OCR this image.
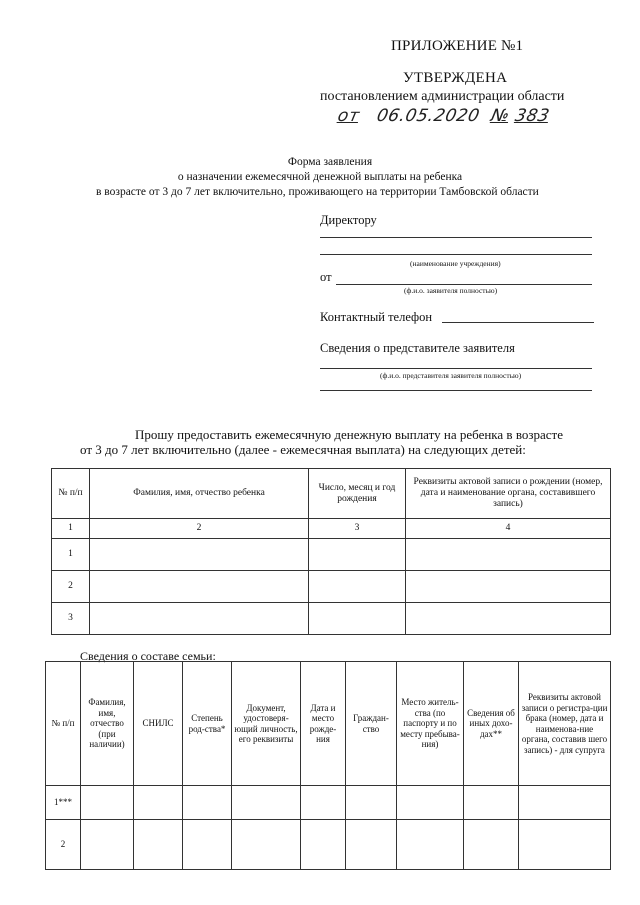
ПРИЛОЖЕНИЕ №1
УТВЕРЖДЕНА
постановлением администрации области
от 06.05.2020 № 383
Форма заявления
о назначении ежемесячной денежной выплаты на ребенка
в возрасте от 3 до 7 лет включительно, проживающего на территории Тамбовской области
Директору
(наименование учреждения)
от
(ф.и.о. заявителя полностью)
Контактный телефон
Сведения о представителе заявителя
(ф.и.о. представителя заявителя полностью)
Прошу предоставить ежемесячную денежную выплату на ребенка в возрасте
от 3 до 7 лет включительно (далее - ежемесячная выплата) на следующих детей:
№ п/п	Фамилия, имя, отчество ребенка	Число, месяц и год рождения	Реквизиты актовой записи о рождении (номер, дата и наименование органа, составившего запись)
1	2	3	4
1			
2			
3			
Сведения о составе семьи:
№ п/п	Фамилия, имя, отчество (при наличии)	СНИЛС	Степень род-ства*	Документ, удостоверя-ющий личность, его реквизиты	Дата и место рожде-ния	Граждан-ство	Место житель-ства (по паспорту и по месту пребыва-ния)	Сведения об иных дохо-дах**	Реквизиты актовой записи о регистра-ции брака (номер, дата и наименова-ние органа, составив шего запись) - для супруга
1***									
2									
